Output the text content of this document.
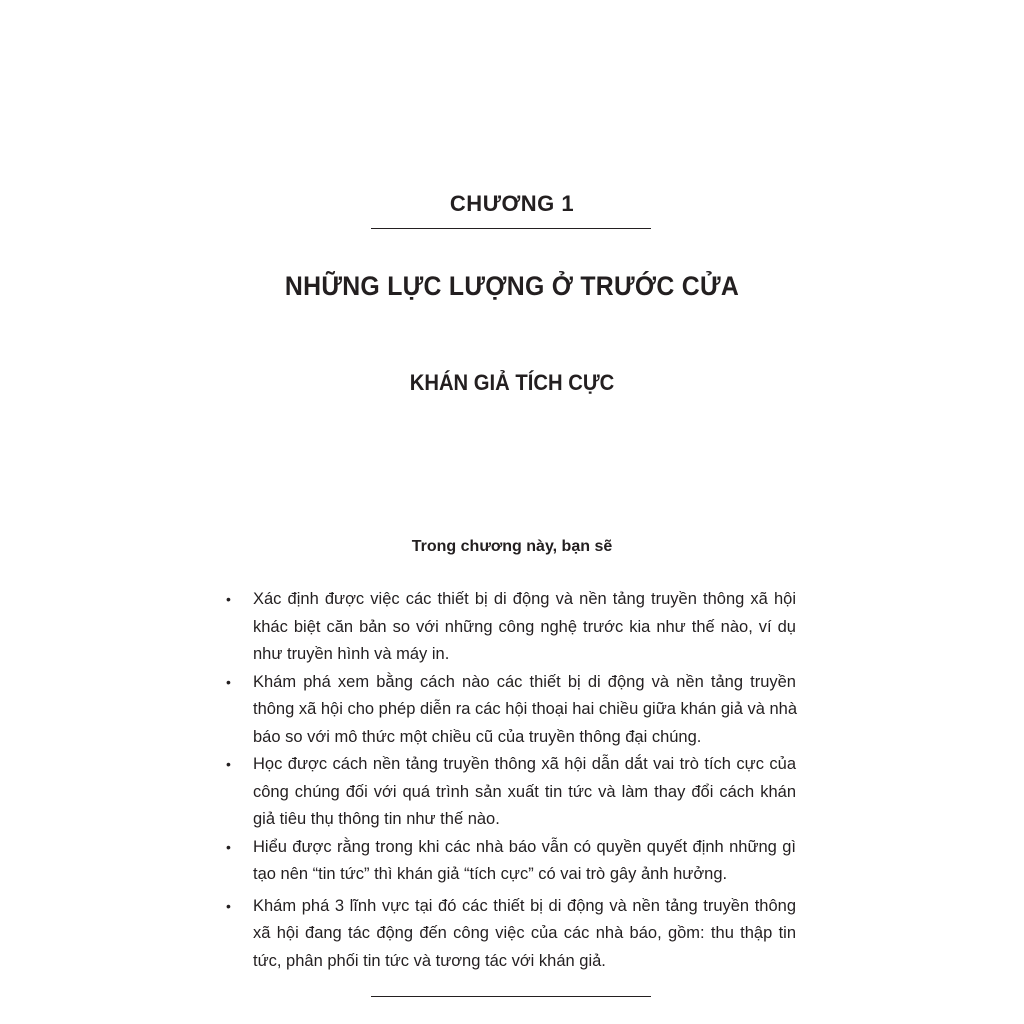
CHƯƠNG 1
NHỮNG LỰC LƯỢNG Ở TRƯỚC CỬA
KHÁN GIẢ TÍCH CỰC
Trong chương này, bạn sẽ
• Xác định được việc các thiết bị di động và nền tảng truyền thông xã hội
khác biệt căn bản so với những công nghệ trước kia như thế nào, ví dụ
như truyền hình và máy in.
• Khám phá xem bằng cách nào các thiết bị di động và nền tảng truyền
thông xã hội cho phép diễn ra các hội thoại hai chiều giữa khán giả và nhà
báo so với mô thức một chiều cũ của truyền thông đại chúng.
• Học được cách nền tảng truyền thông xã hội dẫn dắt vai trò tích cực của
công chúng đối với quá trình sản xuất tin tức và làm thay đổi cách khán
giả tiêu thụ thông tin như thế nào.
• Hiểu được rằng trong khi các nhà báo vẫn có quyền quyết định những gì
tạo nên “tin tức” thì khán giả “tích cực” có vai trò gây ảnh hưởng.
• Khám phá 3 lĩnh vực tại đó các thiết bị di động và nền tảng truyền thông
xã hội đang tác động đến công việc của các nhà báo, gồm: thu thập tin
tức, phân phối tin tức và tương tác với khán giả.
